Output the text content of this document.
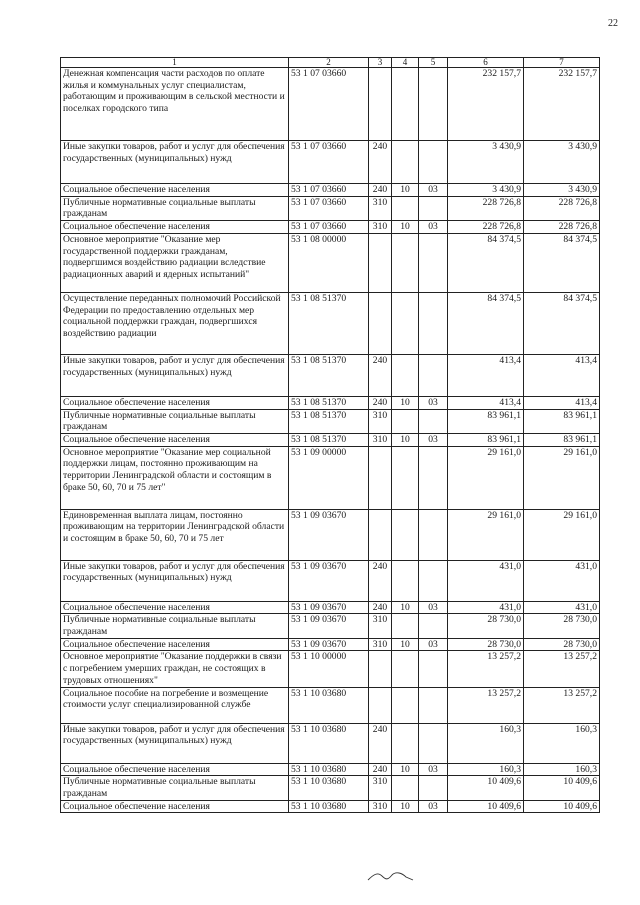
22
1	2	3	4	5	6	7
Денежная компенсация части расходов по оплате жилья и коммунальных услуг специалистам, работающим и проживающим в сельской местности и поселках городского типа	53 1 07 03660				232 157,7	232 157,7
Иные закупки товаров, работ и услуг для обеспечения государственных (муниципальных) нужд	53 1 07 03660	240			3 430,9	3 430,9
Социальное обеспечение населения	53 1 07 03660	240	10	03	3 430,9	3 430,9
Публичные нормативные социальные выплаты гражданам	53 1 07 03660	310			228 726,8	228 726,8
Социальное обеспечение населения	53 1 07 03660	310	10	03	228 726,8	228 726,8
Основное мероприятие "Оказание мер государственной поддержки гражданам, подвергшимся воздействию радиации вследствие радиационных аварий и ядерных испытаний"	53 1 08 00000				84 374,5	84 374,5
Осуществление переданных полномочий Российской Федерации по предоставлению отдельных мер социальной поддержки граждан, подвергшихся воздействию радиации	53 1 08 51370				84 374,5	84 374,5
Иные закупки товаров, работ и услуг для обеспечения государственных (муниципальных) нужд	53 1 08 51370	240			413,4	413,4
Социальное обеспечение населения	53 1 08 51370	240	10	03	413,4	413,4
Публичные нормативные социальные выплаты гражданам	53 1 08 51370	310			83 961,1	83 961,1
Социальное обеспечение населения	53 1 08 51370	310	10	03	83 961,1	83 961,1
Основное мероприятие "Оказание мер социальной поддержки лицам, постоянно проживающим на территории Ленинградской области и состоящим в браке 50, 60, 70 и 75 лет"	53 1 09 00000				29 161,0	29 161,0
Единовременная выплата лицам, постоянно проживающим на территории Ленинградской области и состоящим в браке 50, 60, 70 и 75 лет	53 1 09 03670				29 161,0	29 161,0
Иные закупки товаров, работ и услуг для обеспечения государственных (муниципальных) нужд	53 1 09 03670	240			431,0	431,0
Социальное обеспечение населения	53 1 09 03670	240	10	03	431,0	431,0
Публичные нормативные социальные выплаты гражданам	53 1 09 03670	310			28 730,0	28 730,0
Социальное обеспечение населения	53 1 09 03670	310	10	03	28 730,0	28 730,0
Основное мероприятие "Оказание поддержки в связи с погребением умерших граждан, не состоящих в трудовых отношениях"	53 1 10 00000				13 257,2	13 257,2
Социальное пособие на погребение и возмещение стоимости услуг специализированной службе	53 1 10 03680				13 257,2	13 257,2
Иные закупки товаров, работ и услуг для обеспечения государственных (муниципальных) нужд	53 1 10 03680	240			160,3	160,3
Социальное обеспечение населения	53 1 10 03680	240	10	03	160,3	160,3
Публичные нормативные социальные выплаты гражданам	53 1 10 03680	310			10 409,6	10 409,6
Социальное обеспечение населения	53 1 10 03680	310	10	03	10 409,6	10 409,6
